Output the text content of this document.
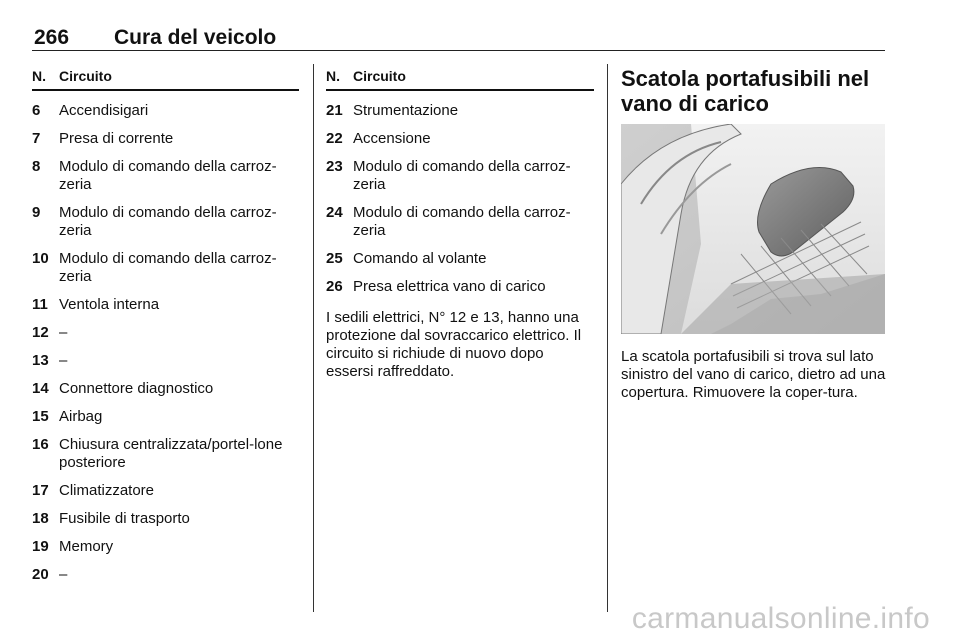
266 Cura del veicolo
N. Circuito
6	Accendisigari
7	Presa di corrente
8	Modulo di comando della carroz-zeria
9	Modulo di comando della carroz-zeria
10 Modulo di comando della carroz-zeria
11 Ventola interna
12 –
13 –
14 Connettore diagnostico
15 Airbag
16 Chiusura centralizzata/portel-lone posteriore
17 Climatizzatore
18 Fusibile di trasporto
19 Memory
20 –
N. Circuito
21 Strumentazione
22 Accensione
23 Modulo di comando della carroz-zeria
24 Modulo di comando della carroz-zeria
25 Comando al volante
26 Presa elettrica vano di carico
I sedili elettrici, N° 12 e 13, hanno una protezione dal sovraccarico elettrico. Il circuito si richiude di nuovo dopo essersi raffreddato.
Scatola portafusibili nel vano di carico
La scatola portafusibili si trova sul lato sinistro del vano di carico, dietro ad una copertura. Rimuovere la coper-tura.
carmanualsonline.info
